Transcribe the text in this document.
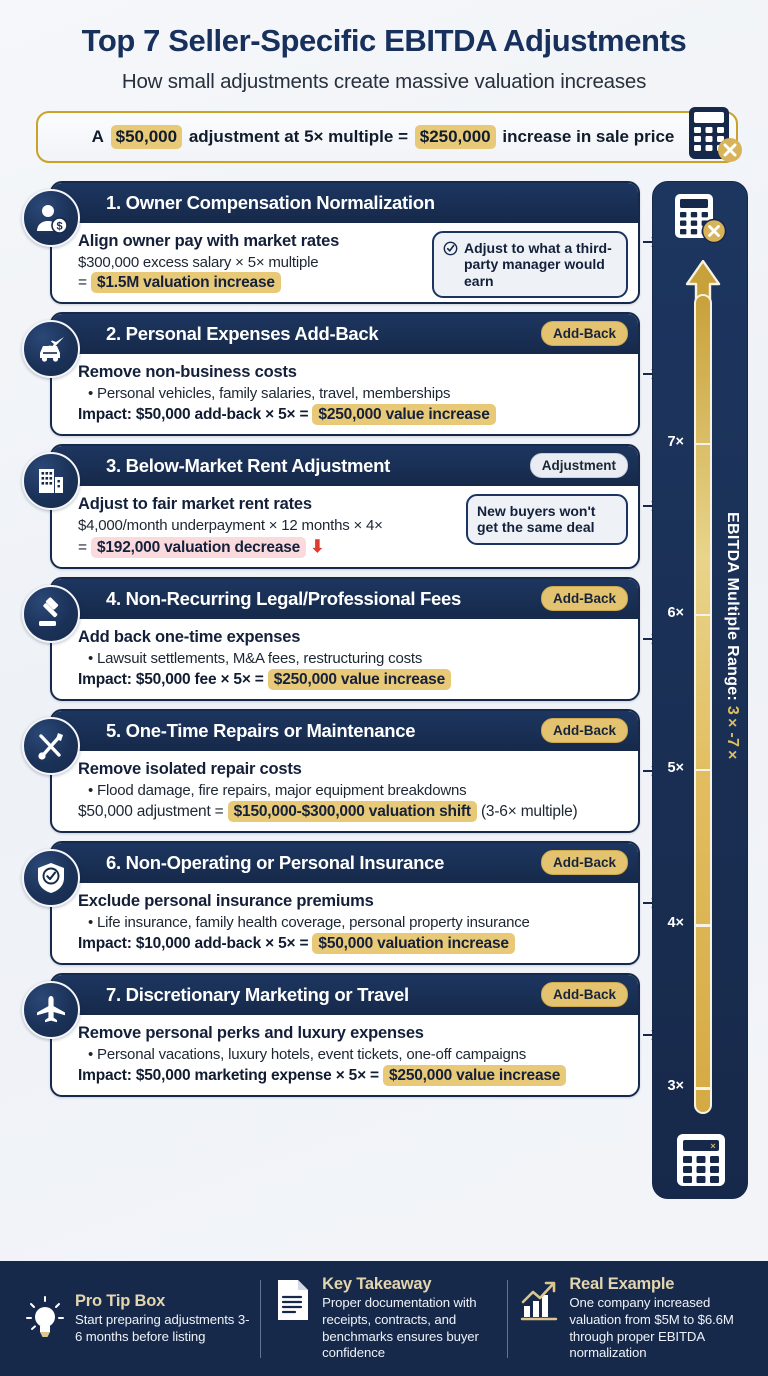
Top 7 Seller-Specific EBITDA Adjustments
How small adjustments create massive valuation increases
A
$50,000
adjustment at 5× multiple =
$250,000
increase in sale price
$
1. Owner Compensation Normalization
Align owner pay with market rates
$300,000 excess salary × 5× multiple
= $1.5M valuation increase
Adjust to what a third-party manager would earn
2. Personal Expenses Add-Back	Add-Back
Remove non-business costs
• Personal vehicles, family salaries, travel, memberships
Impact: $50,000 add-back × 5× = $250,000 value increase
3. Below-Market Rent Adjustment	Adjustment
Adjust to fair market rent rates
$4,000/month underpayment × 12 months × 4×
= $192,000 valuation decrease ⬇
New buyers won't get the same deal
4. Non-Recurring Legal/Professional Fees	Add-Back
Add back one-time expenses
• Lawsuit settlements, M&A fees, restructuring costs
Impact: $50,000 fee × 5× = $250,000 value increase
5. One-Time Repairs or Maintenance	Add-Back
Remove isolated repair costs
• Flood damage, fire repairs, major equipment breakdowns
$50,000 adjustment = $150,000-$300,000 valuation shift (3-6× multiple)
6. Non-Operating or Personal Insurance	Add-Back
Exclude personal insurance premiums
• Life insurance, family health coverage, personal property insurance
Impact: $10,000 add-back × 5× = $50,000 valuation increase
7. Discretionary Marketing or Travel	Add-Back
Remove personal perks and luxury expenses
• Personal vacations, luxury hotels, event tickets, one-off campaigns
Impact: $50,000 marketing expense × 5× = $250,000 value increase
7×
6×
5×
4×
3×
EBITDA Multiple Range: 3×-7×
×
Pro Tip Box
Start preparing adjustments 3-6 months before listing
Key Takeaway
Proper documentation with receipts, contracts, and benchmarks ensures buyer confidence
Real Example
One company increased valuation from $5M to $6.6M through proper EBITDA normalization
